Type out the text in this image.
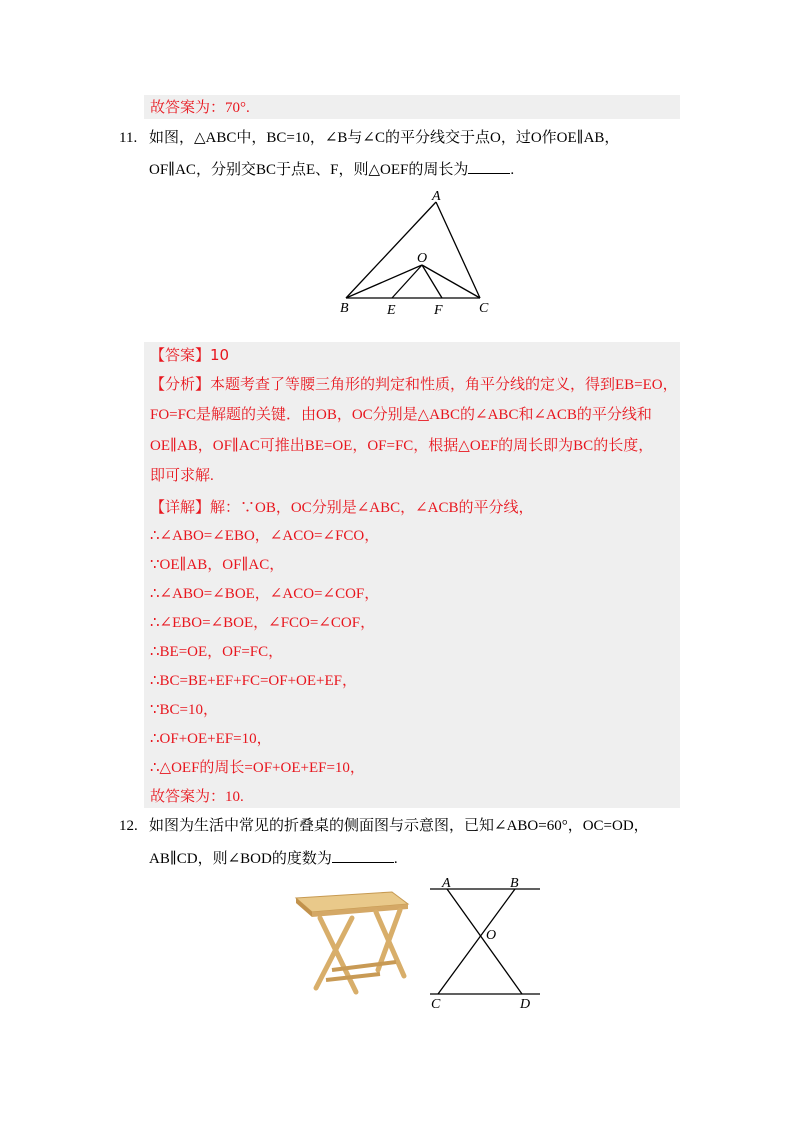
故答案为：70°.
11. 如图，△ABC中，BC=10，∠B与∠C的平分线交于点O，过O作OE∥AB，
OF∥AC，分别交BC于点E、F，则△OEF的周长为	.
A
O
B	E	F	C
【答案】10
【分析】本题考查了等腰三角形的判定和性质，角平分线的定义，得到EB=EO，
FO=FC是解题的关键．由OB，OC分别是△ABC的∠ABC和∠ACB的平分线和
OE∥AB，OF∥AC可推出BE=OE，OF=FC，根据△OEF的周长即为BC的长度，
即可求解.
【详解】解：∵OB，OC分别是∠ABC，∠ACB的平分线，
∴∠ABO=∠EBO，∠ACO=∠FCO，
∵OE∥AB，OF∥AC，
∴∠ABO=∠BOE，∠ACO=∠COF，
∴∠EBO=∠BOE，∠FCO=∠COF，
∴BE=OE，OF=FC，
∴BC=BE+EF+FC=OF+OE+EF，
∵BC=10，
∴OF+OE+EF=10，
∴△OEF的周长=OF+OE+EF=10，
故答案为：10.
12. 如图为生活中常见的折叠桌的侧面图与示意图，已知∠ABO=60°，OC=OD，
AB∥CD，则∠BOD的度数为	.
A	B
O
C	D
